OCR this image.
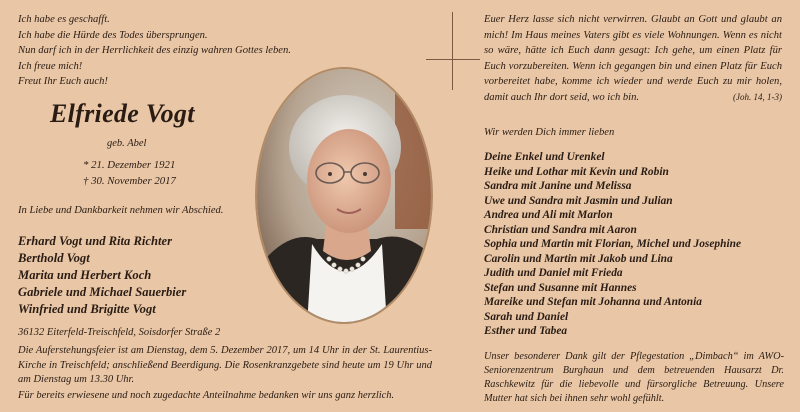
Ich habe es geschafft.
Ich habe die Hürde des Todes übersprungen.
Nun darf ich in der Herrlichkeit des einzig wahren Gottes leben.
Ich freue mich!
Freut Ihr Euch auch!
Elfriede Vogt
geb. Abel
* 21. Dezember 1921
† 30. November 2017
In Liebe und Dankbarkeit nehmen wir Abschied.
Erhard Vogt und Rita Richter
Berthold Vogt
Marita und Herbert Koch
Gabriele und Michael Sauerbier
Winfried und Brigitte Vogt
36132 Eiterfeld-Treischfeld, Soisdorfer Straße 2
Die Auferstehungsfeier ist am Dienstag, dem 5. Dezember 2017, um 14 Uhr in der St. Laurentius-Kirche in Treischfeld; anschließend Beerdigung. Die Rosenkranzgebete sind heute um 19 Uhr und am Dienstag um 13.30 Uhr.
Für bereits erwiesene und noch zugedachte Anteilnahme bedanken wir uns ganz herzlich.
Euer Herz lasse sich nicht verwirren. Glaubt an Gott und glaubt an mich! Im Haus meines Vaters gibt es viele Wohnungen. Wenn es nicht so wäre, hätte ich Euch dann gesagt: Ich gehe, um einen Platz für Euch vorzubereiten. Wenn ich gegangen bin und einen Platz für Euch vorbereitet habe, komme ich wieder und werde Euch zu mir holen, damit auch Ihr dort seid, wo ich bin.	(Joh. 14, 1-3)
Wir werden Dich immer lieben
Deine Enkel und Urenkel
Heike und Lothar mit Kevin und Robin
Sandra mit Janine und Melissa
Uwe und Sandra mit Jasmin und Julian
Andrea und Ali mit Marlon
Christian und Sandra mit Aaron
Sophia und Martin mit Florian, Michel und Josephine
Carolin und Martin mit Jakob und Lina
Judith und Daniel mit Frieda
Stefan und Susanne mit Hannes
Mareike und Stefan mit Johanna und Antonia
Sarah und Daniel
Esther und Tabea
Unser besonderer Dank gilt der Pflegestation „Dimbach“ im AWO-Seniorenzentrum Burghaun und dem betreuenden Hausarzt Dr. Raschkewitz für die liebevolle und fürsorgliche Betreuung. Unsere Mutter hat sich bei ihnen sehr wohl gefühlt.
